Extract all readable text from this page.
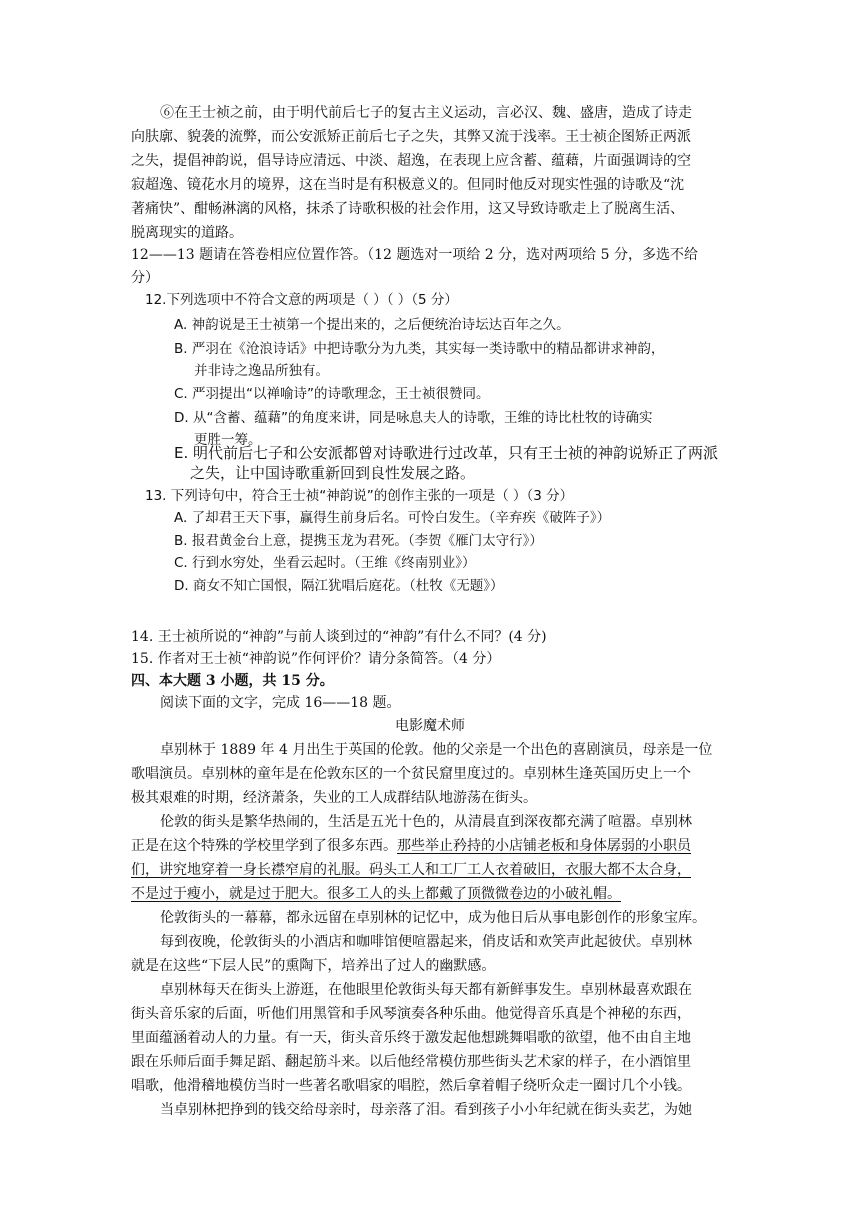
⑥在王士祯之前，由于明代前后七子的复古主义运动，言必汉、魏、盛唐，造成了诗走
向肤廓、貌袭的流弊，而公安派矫正前后七子之失，其弊又流于浅率。王士祯企图矫正两派
之失，提倡神韵说，倡导诗应清远、中淡、超逸，在表现上应含蓄、蕴藉，片面强调诗的空
寂超逸、镜花水月的境界，这在当时是有积极意义的。但同时他反对现实性强的诗歌及“沈
著痛快”、酣畅淋漓的风格，抹杀了诗歌积极的社会作用，这又导致诗歌走上了脱离生活、
脱离现实的道路。
12——13 题请在答卷相应位置作答。（12 题选对一项给 2 分，选对两项给 5 分，多选不给
分）
12.下列选项中不符合文意的两项是（ ）（ ）（5 分）
A. 神韵说是王士祯第一个提出来的，之后便统治诗坛达百年之久。
B. 严羽在《沧浪诗话》中把诗歌分为九类，其实每一类诗歌中的精品都讲求神韵，
并非诗之逸品所独有。
C. 严羽提出“以禅喻诗”的诗歌理念，王士祯很赞同。
D. 从“含蓄、蕴藉”的角度来讲，同是咏息夫人的诗歌，王维的诗比杜牧的诗确实
更胜一筹。
E. 明代前后七子和公安派都曾对诗歌进行过改革，只有王士祯的神韵说矫正了两派
之失，让中国诗歌重新回到良性发展之路。
13. 下列诗句中，符合王士祯“神韵说”的创作主张的一项是（ ）（3 分）
A. 了却君王天下事，赢得生前身后名。可怜白发生。（辛弃疾《破阵子》）
B. 报君黄金台上意，提携玉龙为君死。（李贺《雁门太守行》）
C. 行到水穷处，坐看云起时。（王维《终南别业》）
D. 商女不知亡国恨，隔江犹唱后庭花。（杜牧《无题》）
14. 王士祯所说的“神韵”与前人谈到过的“神韵”有什么不同？(4 分)
15. 作者对王士祯“神韵说”作何评价？请分条简答。（4 分）
四、本大题 3 小题，共 15 分。
阅读下面的文字，完成 16——18 题。
电影魔术师
卓别林于 1889 年 4 月出生于英国的伦敦。他的父亲是一个出色的喜剧演员，母亲是一位
歌唱演员。卓别林的童年是在伦敦东区的一个贫民窟里度过的。卓别林生逢英国历史上一个
极其艰难的时期，经济萧条，失业的工人成群结队地游荡在街头。
伦敦的街头是繁华热闹的，生活是五光十色的，从清晨直到深夜都充满了喧嚣。卓别林
正是在这个特殊的学校里学到了很多东西。那些举止矜持的小店铺老板和身体孱弱的小职员
们，讲究地穿着一身长襟窄肩的礼服。码头工人和工厂工人衣着破旧，衣服大都不太合身，
不是过于瘦小，就是过于肥大。很多工人的头上都戴了顶微微卷边的小破礼帽。
伦敦街头的一幕幕，都永远留在卓别林的记忆中，成为他日后从事电影创作的形象宝库。
每到夜晚，伦敦街头的小酒店和咖啡馆便喧嚣起来，俏皮话和欢笑声此起彼伏。卓别林
就是在这些“下层人民”的熏陶下，培养出了过人的幽默感。
卓别林每天在街头上游逛，在他眼里伦敦街头每天都有新鲜事发生。卓别林最喜欢跟在
街头音乐家的后面，听他们用黑管和手风琴演奏各种乐曲。他觉得音乐真是个神秘的东西，
里面蕴涵着动人的力量。有一天，街头音乐终于激发起他想跳舞唱歌的欲望，他不由自主地
跟在乐师后面手舞足蹈、翻起筋斗来。以后他经常模仿那些街头艺术家的样子，在小酒馆里
唱歌，他滑稽地模仿当时一些著名歌唱家的唱腔，然后拿着帽子绕听众走一圈讨几个小钱。
当卓别林把挣到的钱交给母亲时，母亲落了泪。看到孩子小小年纪就在街头卖艺，为她
